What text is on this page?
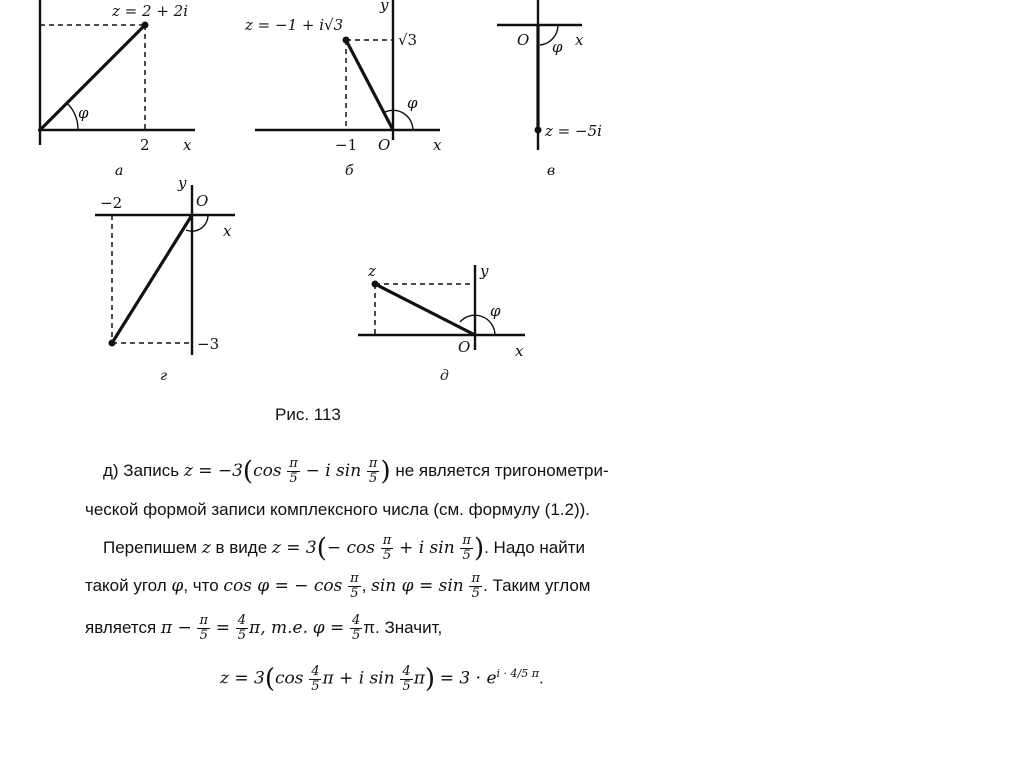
z = 2 + 2i
2 x
φ
а
z = −1 + i√3
√3
y
−1 O	x
φ
б
O	x
φ
z = −5i
в
y
O
−2
x
−3
г
z	y
φ
O	x
д
Рис. 113
д) Запись $z = -3(\cos \frac{\pi}{5} - i$ $\sin \frac{\pi}{5}$ ) не является тригонометри-
ческой формой записи комплексного числа (см. формулу (1.2)).
Перепишем z в виде $z = 3(- \cos \frac{\pi}{5} + i$ $\sin \frac{\pi}{5}$ ). Надо найти
такой угол φ, что cos φ = − $\cos \frac{\pi}{5}$ , $\sin \varphi = \sin \frac{\pi}{5}$ . Таким углом
является $\pi - \frac{\pi}{5} = \frac{4}{5} \pi$, т.е. $\varphi = \frac{4}{5} \pi$. Значит,
$z = 3(\cos \frac{4}{5}$ π + i $\sin \frac{4}{5} \pi) = 3 \cdot e^{i \cdot 4/5 \pi}$.
